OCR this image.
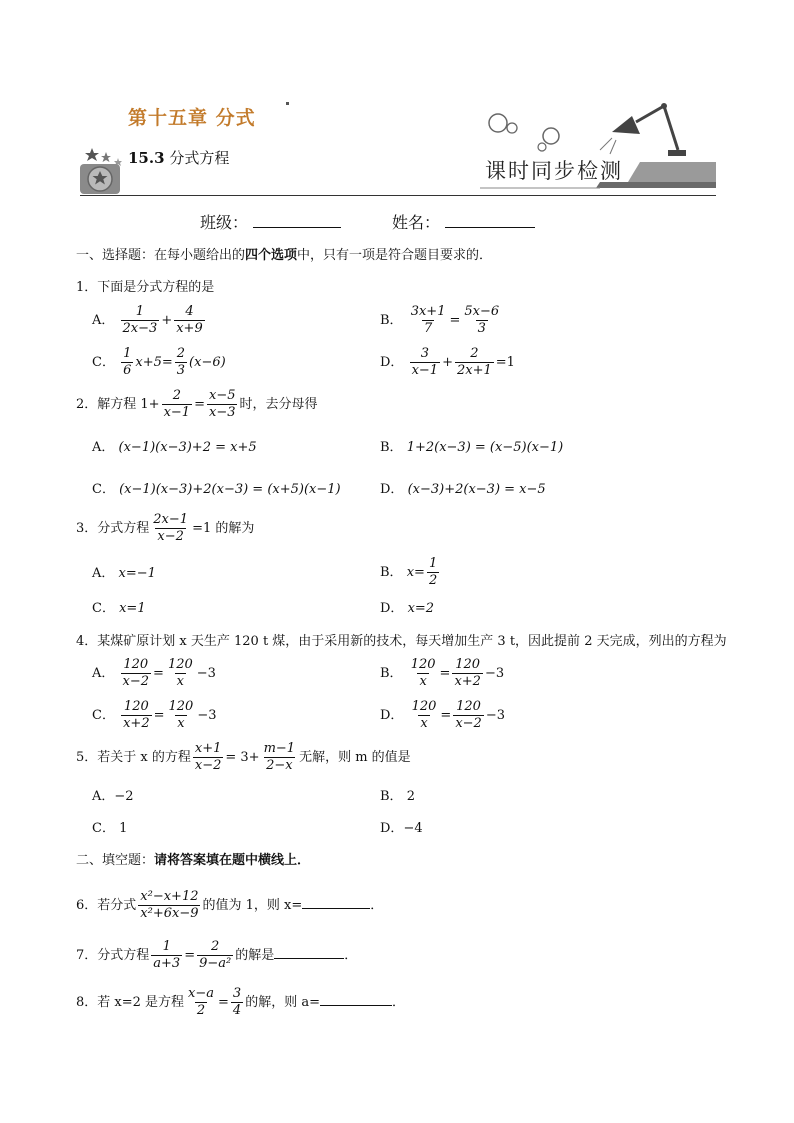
第十五章 分式
15.3 分式方程
课时同步检测
班级：	姓名：
一、选择题：在每小题给出的四个选项中，只有一项是符合题目要求的．
1．下面是分式方程的是
A． $\frac{1}{2x-3} + \frac{4}{x+9}$	B． $\frac{3x+1}{7} = \frac{5x-6}{3}$
C． $\frac{1}{6} x+5= \frac{2}{3} (x-6)$	D． $\frac{3}{x-1} + \frac{2}{2x+1} =1$
2．解方程 $1+ \frac{2}{x-1} = \frac{x-5}{x-3}$ 时，去分母得
A． (x−1)(x−3)+2 = x+5	B． 1+2(x−3) = (x−5)(x−1)
C． (x−1)(x−3)+2(x−3) = (x+5)(x−1)	D． (x−3)+2(x−3) = x−5
3．分式方程 $\frac{2x-1}{x-2} =1$ 的解为
A． x=−1	B． $x= \frac{1}{2}$
C． x=1	D． x=2
4．某煤矿原计划 x 天生产 120 t 煤，由于采用新的技术，每天增加生产 3 t，因此提前 2 天完成，列出的方程为
A． $\frac{120}{x-2} = \frac{120}{x} -3$	B． $\frac{120}{x} = \frac{120}{x+2} -3$
C． $\frac{120}{x+2} = \frac{120}{x} -3$	D． $\frac{120}{x} = \frac{120}{x-2} -3$
5．若关于 x 的方程 $\frac{x+1}{x-2} = 3+ \frac{m-1}{2-x}$ 无解，则 m 的值是
A．−2	B． 2
C． 1	D．−4
二、填空题：请将答案填在题中横线上．
6．若分式 $\frac{\text{x²−x+12}}{\text{x²+6x−9}}$ 的值为 1，则 x=	．
7．分式方程 $\frac{1}{a+3} = \frac{2}{\text{9−a²}}$ 的解是	．
8．若 x=2 是方程 $\frac{x-a}{2} = \frac{3}{4}$ 的解，则 a=	．
